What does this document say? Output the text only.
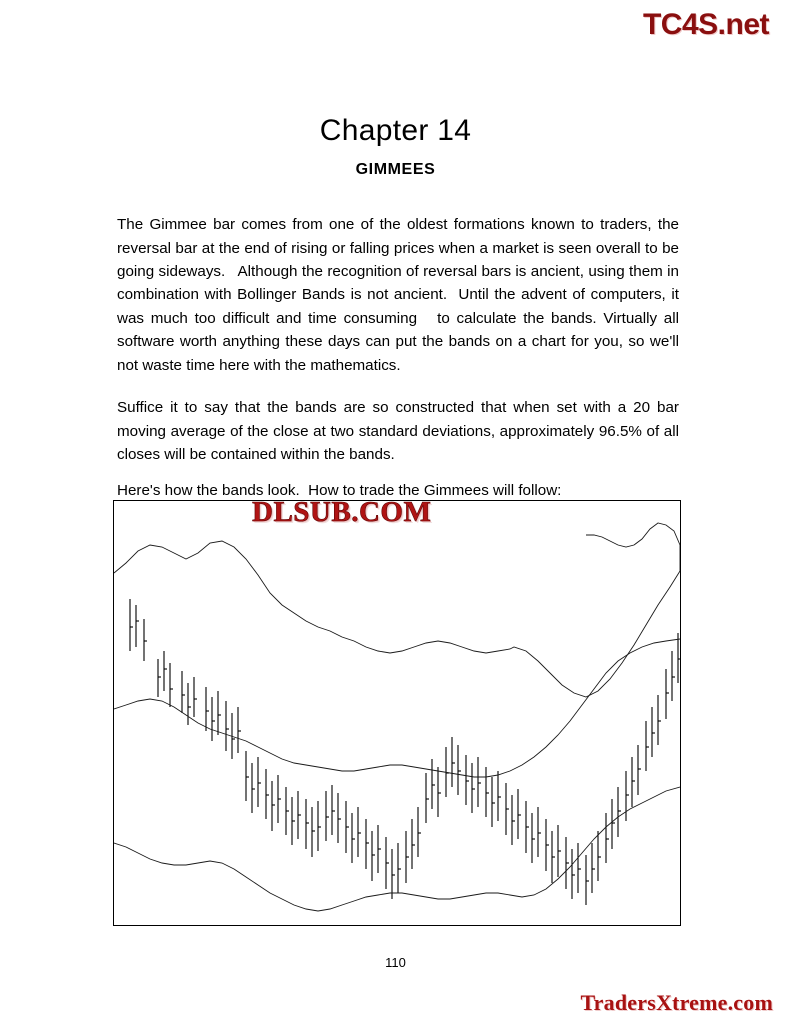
TC4S.net
Chapter 14
GIMMEES

The Gimmee bar comes from one of the oldest formations known to traders, the reversal bar at the end of rising or falling prices when a market is seen overall to be going sideways.   Although the recognition of reversal bars is ancient, using them in combination with Bollinger Bands is not ancient.  Until the advent of computers, it was much too difficult and time consuming   to calculate the bands. Virtually all software worth anything these days can put the bands on a chart for you, so we'll not waste time here with the mathematics.

Suffice it to say that the bands are so constructed that when set with a 20 bar moving average of the close at two standard deviations, approximately 96.5% of all closes will be contained within the bands.

Here's how the bands look.  How to trade the Gimmees will follow:

DLSUB.COM
110
TradersXtreme.com
